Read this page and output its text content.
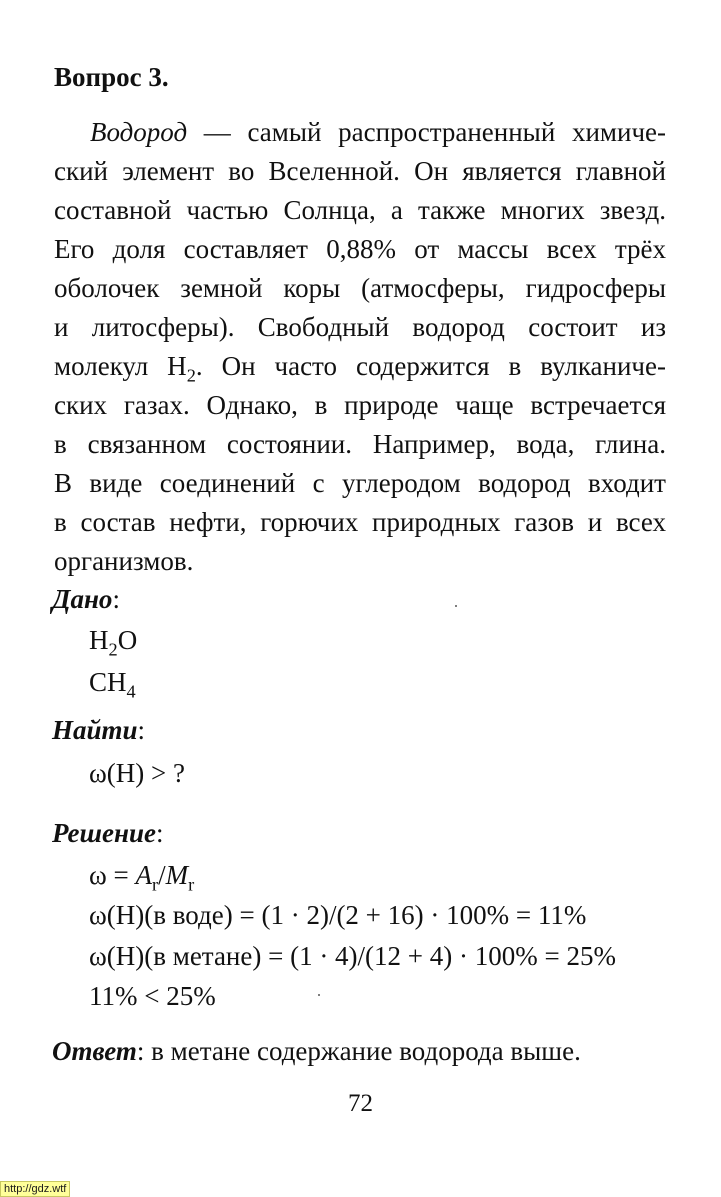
Вопрос 3.
Водород — самый распространенный химиче-
ский элемент во Вселенной. Он является главной
составной частью Солнца, а также многих звезд.
Его доля составляет 0,88% от массы всех трёх
оболочек земной коры (атмосферы, гидросферы
и литосферы). Свободный водород состоит из
молекул $H_2$. Он часто содержится в вулканиче-
ских газах. Однако, в природе чаще встречается
в связанном состоянии. Например, вода, глина.
В виде соединений с углеродом водород входит
в состав нефти, горючих природных газов и всех
организмов.
Дано:
$H_2O$
$CH_4$
Найти:
ω(H) > ?
Решение:
$\omega = A_r/M_r$
ω(H)(в воде) = (1 · 2)/(2 + 16) · 100% = 11%
ω(H)(в метане) = (1 · 4)/(12 + 4) · 100% = 25%
11% < 25%
Ответ: в метане содержание водорода выше.
72
http://gdz.wtf
